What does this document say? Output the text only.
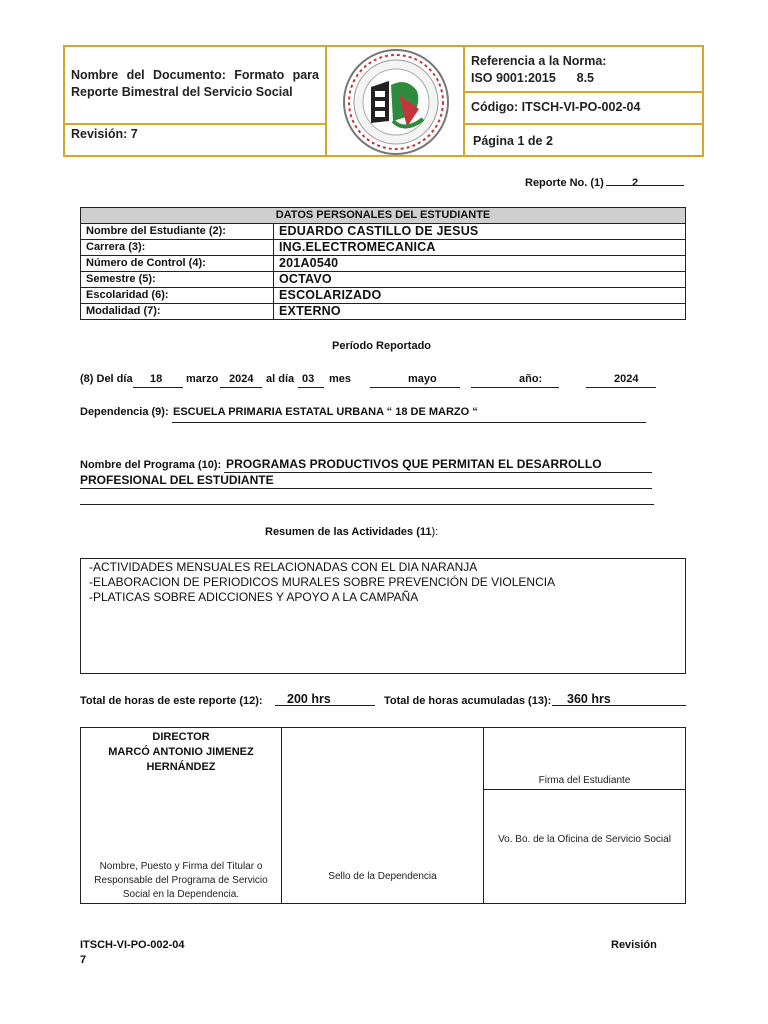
Nombre del Documento: Formato para Reporte Bimestral del Servicio Social
Revisión: 7
Referencia a la Norma:
ISO 9001:2015      8.5
Código: ITSCH-VI-PO-002-04
Página 1 de 2
Reporte No. (1)	2
DATOS PERSONALES DEL ESTUDIANTE	
Nombre del Estudiante (2):	EDUARDO CASTILLO DE JESUS
Carrera (3):	ING.ELECTROMECANICA
Número de Control (4):	201A0540
Semestre (5):	OCTAVO
Escolaridad (6):	ESCOLARIZADO
Modalidad (7):	EXTERNO
Período Reportado
(8) Del día 18 marzo 2024 al día 03 mes	mayo	año:	2024
Dependencia (9): ESCUELA PRIMARIA ESTATAL URBANA “ 18 DE MARZO “
Nombre del Programa (10): PROGRAMAS PRODUCTIVOS QUE PERMITAN EL DESARROLLO
PROFESIONAL DEL ESTUDIANTE
Resumen de las Actividades (11):
-ACTIVIDADES MENSUALES RELACIONADAS CON EL DIA NARANJA
-ELABORACION DE PERIODICOS MURALES SOBRE PREVENCIÓN DE VIOLENCIA
-PLATICAS SOBRE ADICCIONES Y APOYO A LA CAMPAÑA
Total de horas de este reporte (12): 200 hrs	Total de horas acumuladas (13): 360 hrs
DIRECTOR
MARCÓ ANTONIO JIMENEZ
HERNÁNDEZ
Nombre, Puesto y Firma del Titular o Responsable del Programa de Servicio Social en la Dependencia.
Sello de la Dependencia
Firma del Estudiante
Vo. Bo. de la Oficina de Servicio Social
ITSCH-VI-PO-002-04
7
Revisión
